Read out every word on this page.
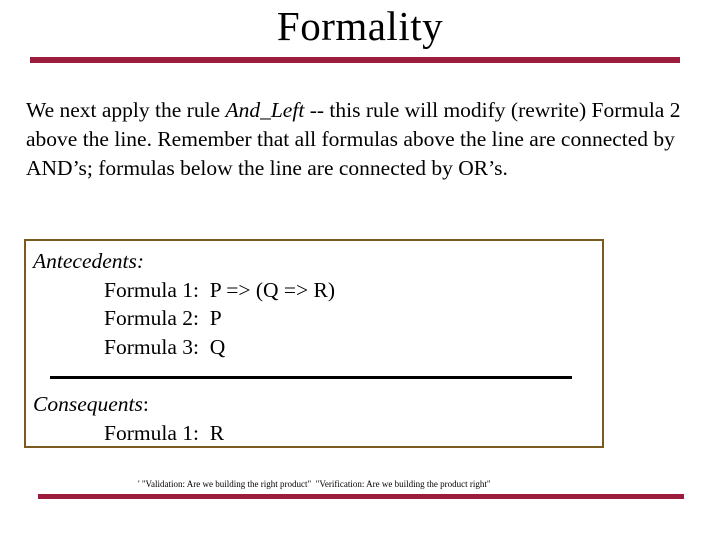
Formality
We next apply the rule And_Left -- this rule will modify (rewrite) Formula 2 above the line. Remember that all formulas above the line are connected by AND’s; formulas below the line are connected by OR’s.
Antecedents:
Formula 1:  P => (Q => R)
Formula 2:  P
Formula 3:  Q
Consequents:
Formula 1:  R
' "Validation: Are we building the right product"  "Verification: Are we building the product right"
